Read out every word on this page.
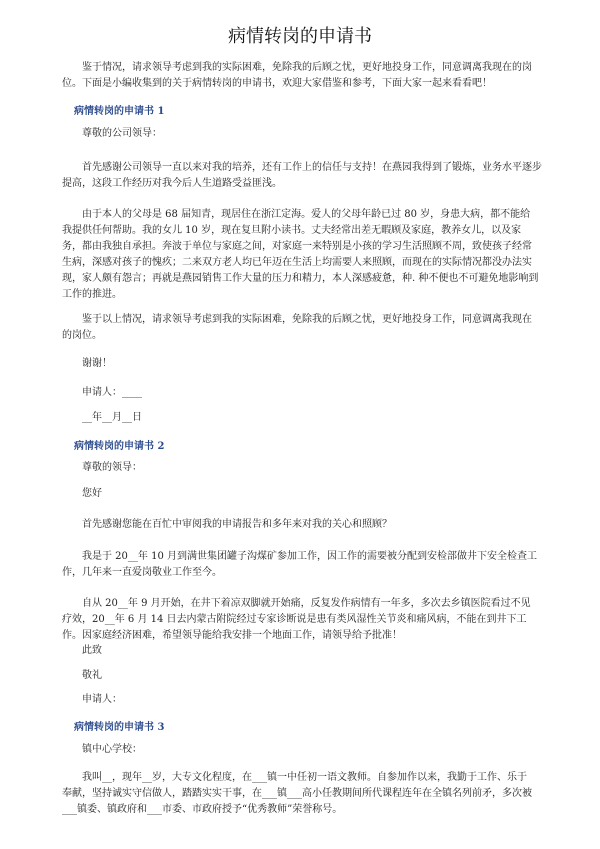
病情转岗的申请书
鉴于情况，请求领导考虑到我的实际困难，免除我的后顾之忧，更好地投身工作，同意调离我现在的岗
位。下面是小编收集到的关于病情转岗的申请书，欢迎大家借鉴和参考，下面大家一起来看看吧！
病情转岗的申请书 1
尊敬的公司领导：
首先感谢公司领导一直以来对我的培养，还有工作上的信任与支持！在燕园我得到了锻炼，业务水平逐步
提高，这段工作经历对我今后人生道路受益匪浅。
由于本人的父母是 68 届知青，现居住在浙江定海。爱人的父母年龄已过 80 岁，身患大病，都不能给
我提供任何帮助。我的女儿 10 岁，现在复旦附小读书。丈夫经常出差无暇顾及家庭，教养女儿，以及家
务，都由我独自承担。奔波于单位与家庭之间，对家庭一来特别是小孩的学习生活照顾不周，致使孩子经常
生病，深感对孩子的愧疚；二来双方老人均已年迈在生活上均需要人来照顾，而现在的实际情况都没办法实
现，家人颇有怨言；再就是燕园销售工作大量的压力和精力，本人深感疲惫，种. 种不便也不可避免地影响到
工作的推进。
鉴于以上情况，请求领导考虑到我的实际困难，免除我的后顾之忧，更好地投身工作，同意调离我现在
的岗位。
谢谢！
申请人：____
__年__月__日
病情转岗的申请书 2
尊敬的领导：
您好
首先感谢您能在百忙中审阅我的申请报告和多年来对我的关心和照顾？
我是于 20__年 10 月到满世集团罐子沟煤矿参加工作，因工作的需要被分配到安检部做井下安全检查工
作，几年来一直爱岗敬业工作至今。
自从 20__年 9 月开始，在井下着凉双脚就开始痛，反复发作病情有一年多，多次去乡镇医院看过不见
疗效，20__年 6 月 14 日去内蒙古附院经过专家诊断说是患有类风湿性关节炎和痛风病，不能在到井下工
作。因家庭经济困难，希望领导能给我安排一个地面工作，请领导给予批准！
此致
敬礼
申请人：
病情转岗的申请书 3
镇中心学校：
我叫__，现年__岁，大专文化程度，在___镇一中任初一语文教师。自参加作以来，我勤于工作、乐于
奉献，坚持诚实守信做人，踏踏实实干事，在___镇___高小任教期间所代课程连年在全镇名列前矛，多次被
___镇委、镇政府和___市委、市政府授予“优秀教师”荣誉称号。
